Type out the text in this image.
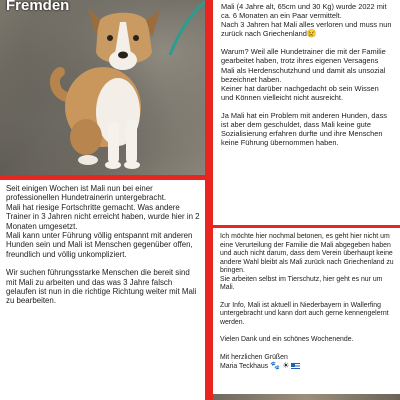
Fremden	Mali (4 Jahre alt, 65cm und 30 Kg) wurde 2022 mit ca. 6 Monaten an ein Paar vermittelt.

Nach 3 Jahren hat Mali alles verloren und muss nun zurück nach Griechenland😢

Warum? Weil alle Hundetrainer die mit der Familie gearbeitet haben, trotz ihres eigenen Versagens Mali als Herdenschutzhund und damit als unsozial bezeichnet haben.

Keiner hat darüber nachgedacht ob sein Wissen und Können vielleicht nicht ausreicht.

Ja Mali hat ein Problem mit anderen Hunden, dass ist aber dem geschuldet, dass Mali keine gute Sozialisierung erfahren durfte und ihre Menschen keine Führung übernommen haben.

Seit einigen Wochen ist Mali nun bei einer professionellen Hundetrainerin untergebracht.

Mali hat riesige Fortschritte gemacht. Was andere Trainer in 3 Jahren nicht erreicht haben, wurde hier in 2 Monaten umgesetzt.

Mali kann unter Führung völlig entspannt mit anderen Hunden sein und Mali ist Menschen gegenüber offen, freundlich und völlig unkompliziert.

Wir suchen führungsstarke Menschen die bereit sind mit Mali zu arbeiten und das was 3 Jahre falsch gelaufen ist nun in die richtige Richtung weiter mit Mali zu bearbeiten.

Ich möchte hier nochmal betonen, es geht hier nicht um eine Verurteilung der Familie die Mali abgegeben haben und auch nicht darum, dass dem Verein überhaupt keine andere Wahl bleibt als Mali zurück nach Griechenland zu bringen.

Sie arbeiten selbst im Tierschutz, hier geht es nur um Mali.

Zur Info, Mali ist aktuell in Niederbayern in Wallerfing untergebracht und kann dort auch gerne kennengelernt werden.

Vielen Dank und ein schönes Wochenende.

Mit herzlichen Grüßen

Maria Teckhaus 🐾 ☀
